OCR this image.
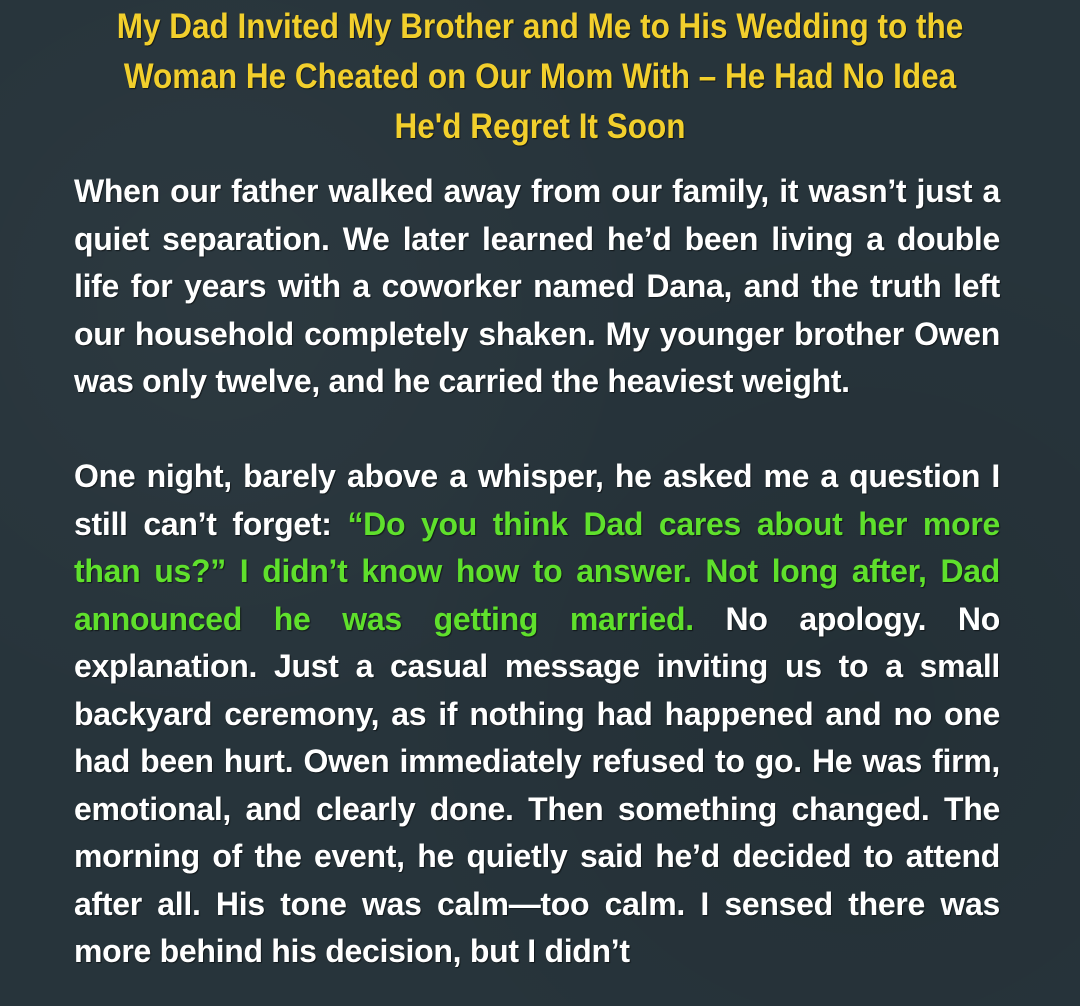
My Dad Invited My Brother and Me to His Wedding to the Woman He Cheated on Our Mom With – He Had No Idea He'd Regret It Soon

When our father walked away from our family, it wasn’t just a quiet separation. We later learned he’d been living a double life for years with a coworker named Dana, and the truth left our household completely shaken. My younger brother Owen was only twelve, and he carried the heaviest weight.

One night, barely above a whisper, he asked me a question I still can’t forget: “Do you think Dad cares about her more than us?” I didn’t know how to answer. Not long after, Dad announced he was getting married. No apology. No explanation. Just a casual message inviting us to a small backyard ceremony, as if nothing had happened and no one had been hurt. Owen immediately refused to go. He was firm, emotional, and clearly done. Then something changed. The morning of the event, he quietly said he’d decided to attend after all. His tone was calm—too calm. I sensed there was more behind his decision, but I didn’t
